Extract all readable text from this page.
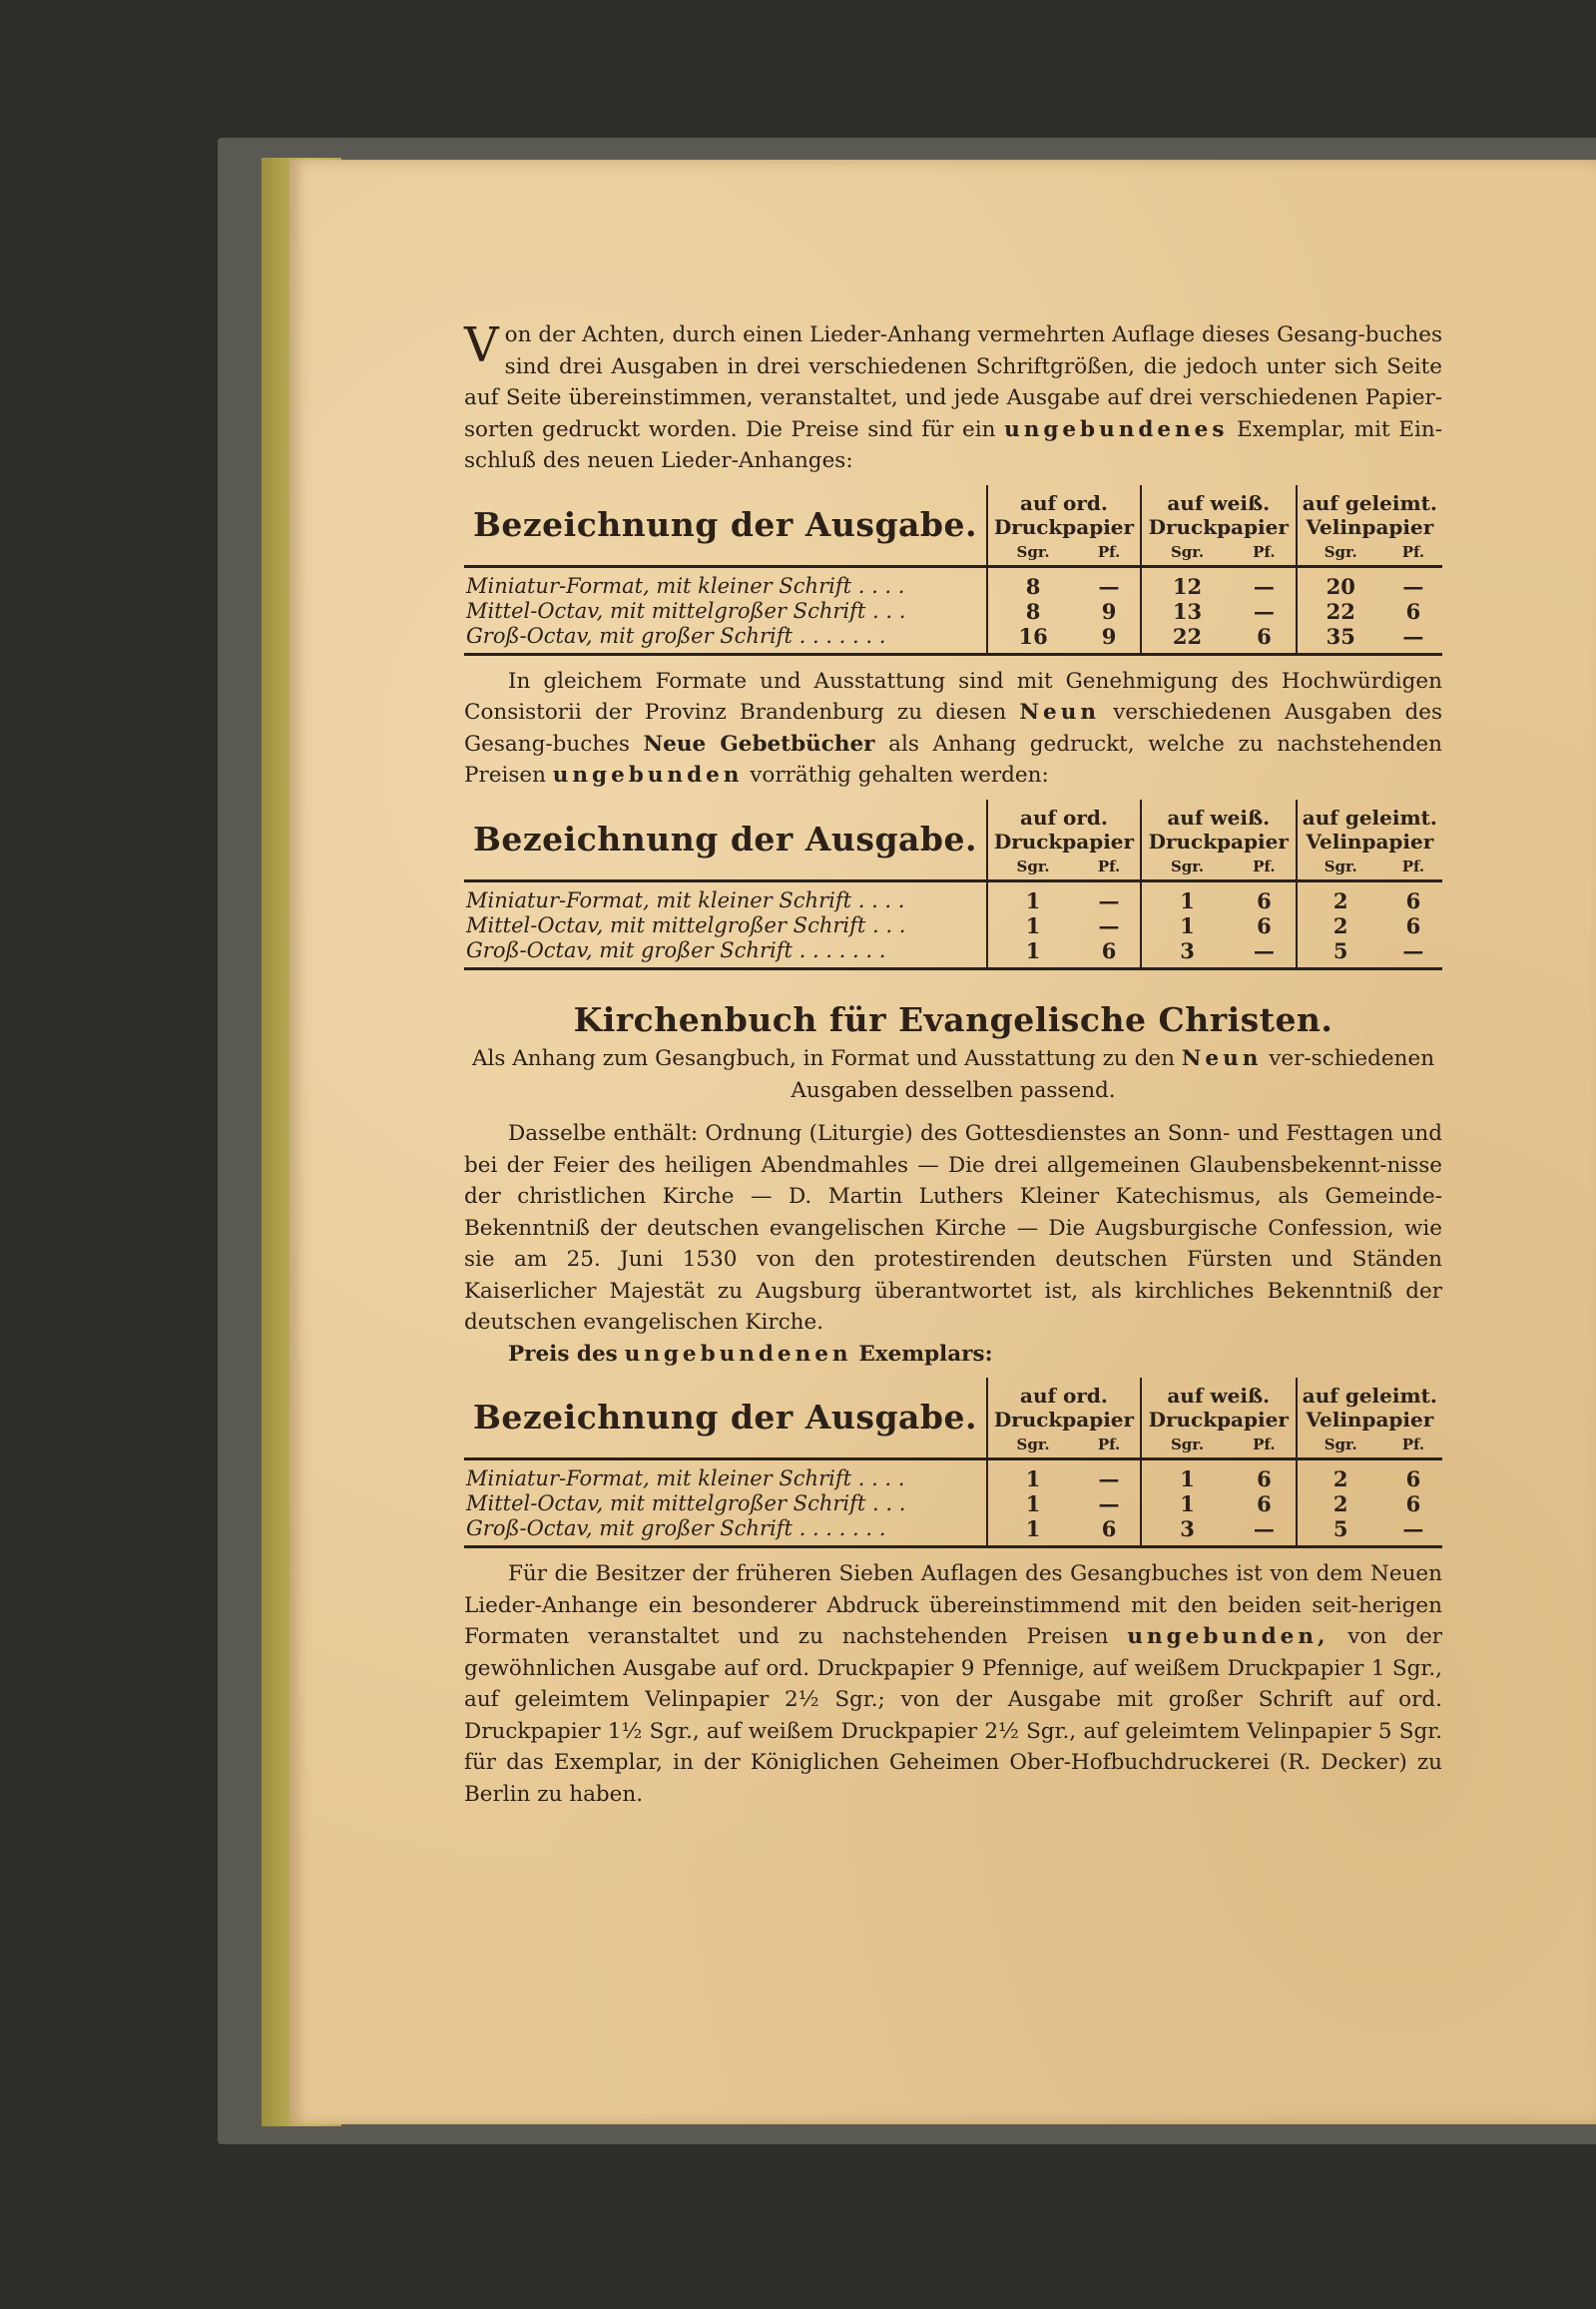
Von der Achten, durch einen Lieder-Anhang vermehrten Auflage dieses Gesang-buches sind drei Ausgaben in drei verschiedenen Schriftgrößen, die jedoch unter sich Seite auf Seite übereinstimmen, veranstaltet, und jede Ausgabe auf drei verschiedenen Papier-sorten gedruckt worden. Die Preise sind für ein ungebundenes Exemplar, mit Ein-schluß des neuen Lieder-Anhanges:

Bezeichnung der Ausgabe.	auf ord. Druckpapier		auf weiß. Druckpapier		auf geleimt. Velinpapier	
	Sgr.	Pf.	Sgr.	Pf.	Sgr.	Pf.
Miniatur-Format, mit kleiner Schrift . . . .	8	—	12	—	20	—
Mittel-Octav, mit mittelgroßer Schrift . . .	8	9	13	—	22	6
Groß-Octav, mit großer Schrift . . . . . . .	16	9	22	6	35	—

In gleichem Formate und Ausstattung sind mit Genehmigung des Hochwürdigen Consistorii der Provinz Brandenburg zu diesen Neun verschiedenen Ausgaben des Gesang-buches Neue Gebetbücher als Anhang gedruckt, welche zu nachstehenden Preisen ungebunden vorräthig gehalten werden:

Bezeichnung der Ausgabe.	auf ord. Druckpapier		auf weiß. Druckpapier		auf geleimt. Velinpapier	
	Sgr.	Pf.	Sgr.	Pf.	Sgr.	Pf.
Miniatur-Format, mit kleiner Schrift . . . .	1	—	1	6	2	6
Mittel-Octav, mit mittelgroßer Schrift . . .	1	—	1	6	2	6
Groß-Octav, mit großer Schrift . . . . . . .	1	6	3	—	5	—
Kirchenbuch für Evangelische Christen.

Als Anhang zum Gesangbuch, in Format und Ausstattung zu den Neun ver-schiedenen Ausgaben desselben passend.

Dasselbe enthält: Ordnung (Liturgie) des Gottesdienstes an Sonn- und Festtagen und bei der Feier des heiligen Abendmahles — Die drei allgemeinen Glaubensbekennt-nisse der christlichen Kirche — D. Martin Luthers Kleiner Katechismus, als Gemeinde-Bekenntniß der deutschen evangelischen Kirche — Die Augsburgische Confession, wie sie am 25. Juni 1530 von den protestirenden deutschen Fürsten und Ständen Kaiserlicher Majestät zu Augsburg überantwortet ist, als kirchliches Bekenntniß der deutschen evangelischen Kirche.

Preis des ungebundenen Exemplars:

Bezeichnung der Ausgabe.	auf ord. Druckpapier		auf weiß. Druckpapier		auf geleimt. Velinpapier	
	Sgr.	Pf.	Sgr.	Pf.	Sgr.	Pf.
Miniatur-Format, mit kleiner Schrift . . . .	1	—	1	6	2	6
Mittel-Octav, mit mittelgroßer Schrift . . .	1	—	1	6	2	6
Groß-Octav, mit großer Schrift . . . . . . .	1	6	3	—	5	—

Für die Besitzer der früheren Sieben Auflagen des Gesangbuches ist von dem Neuen Lieder-Anhange ein besonderer Abdruck übereinstimmend mit den beiden seit-herigen Formaten veranstaltet und zu nachstehenden Preisen ungebunden, von der gewöhnlichen Ausgabe auf ord. Druckpapier 9 Pfennige, auf weißem Druckpapier 1 Sgr., auf geleimtem Velinpapier 2½ Sgr.; von der Ausgabe mit großer Schrift auf ord. Druckpapier 1½ Sgr., auf weißem Druckpapier 2½ Sgr., auf geleimtem Velinpapier 5 Sgr. für das Exemplar, in der Königlichen Geheimen Ober-Hofbuchdruckerei (R. Decker) zu Berlin zu haben.
